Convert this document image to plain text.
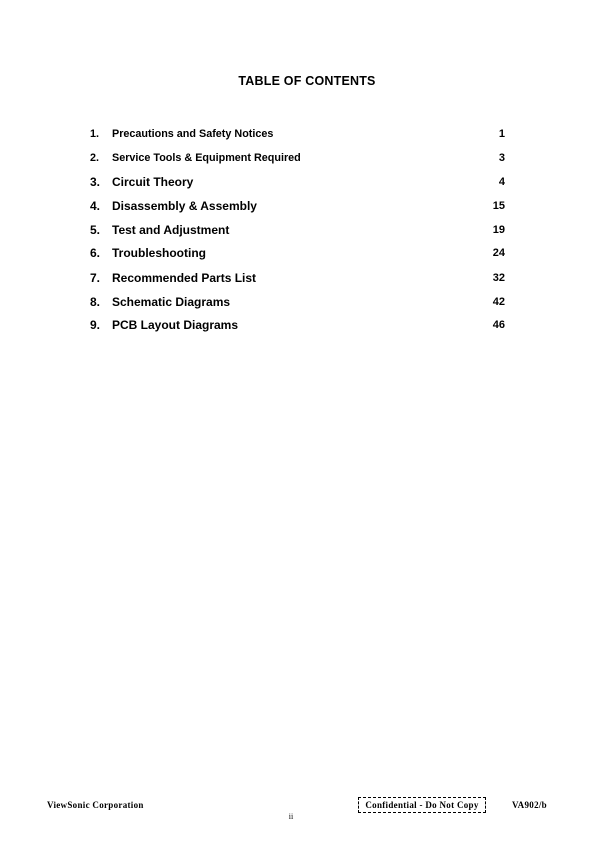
TABLE OF CONTENTS
1. Precautions and Safety Notices	1
2. Service Tools & Equipment Required	3
3. Circuit Theory	4
4. Disassembly & Assembly	15
5. Test and Adjustment	19
6. Troubleshooting	24
7. Recommended Parts List	32
8. Schematic Diagrams	42
9. PCB Layout Diagrams	46
ViewSonic Corporation	Confidential - Do Not Copy	VA902/b
ii
